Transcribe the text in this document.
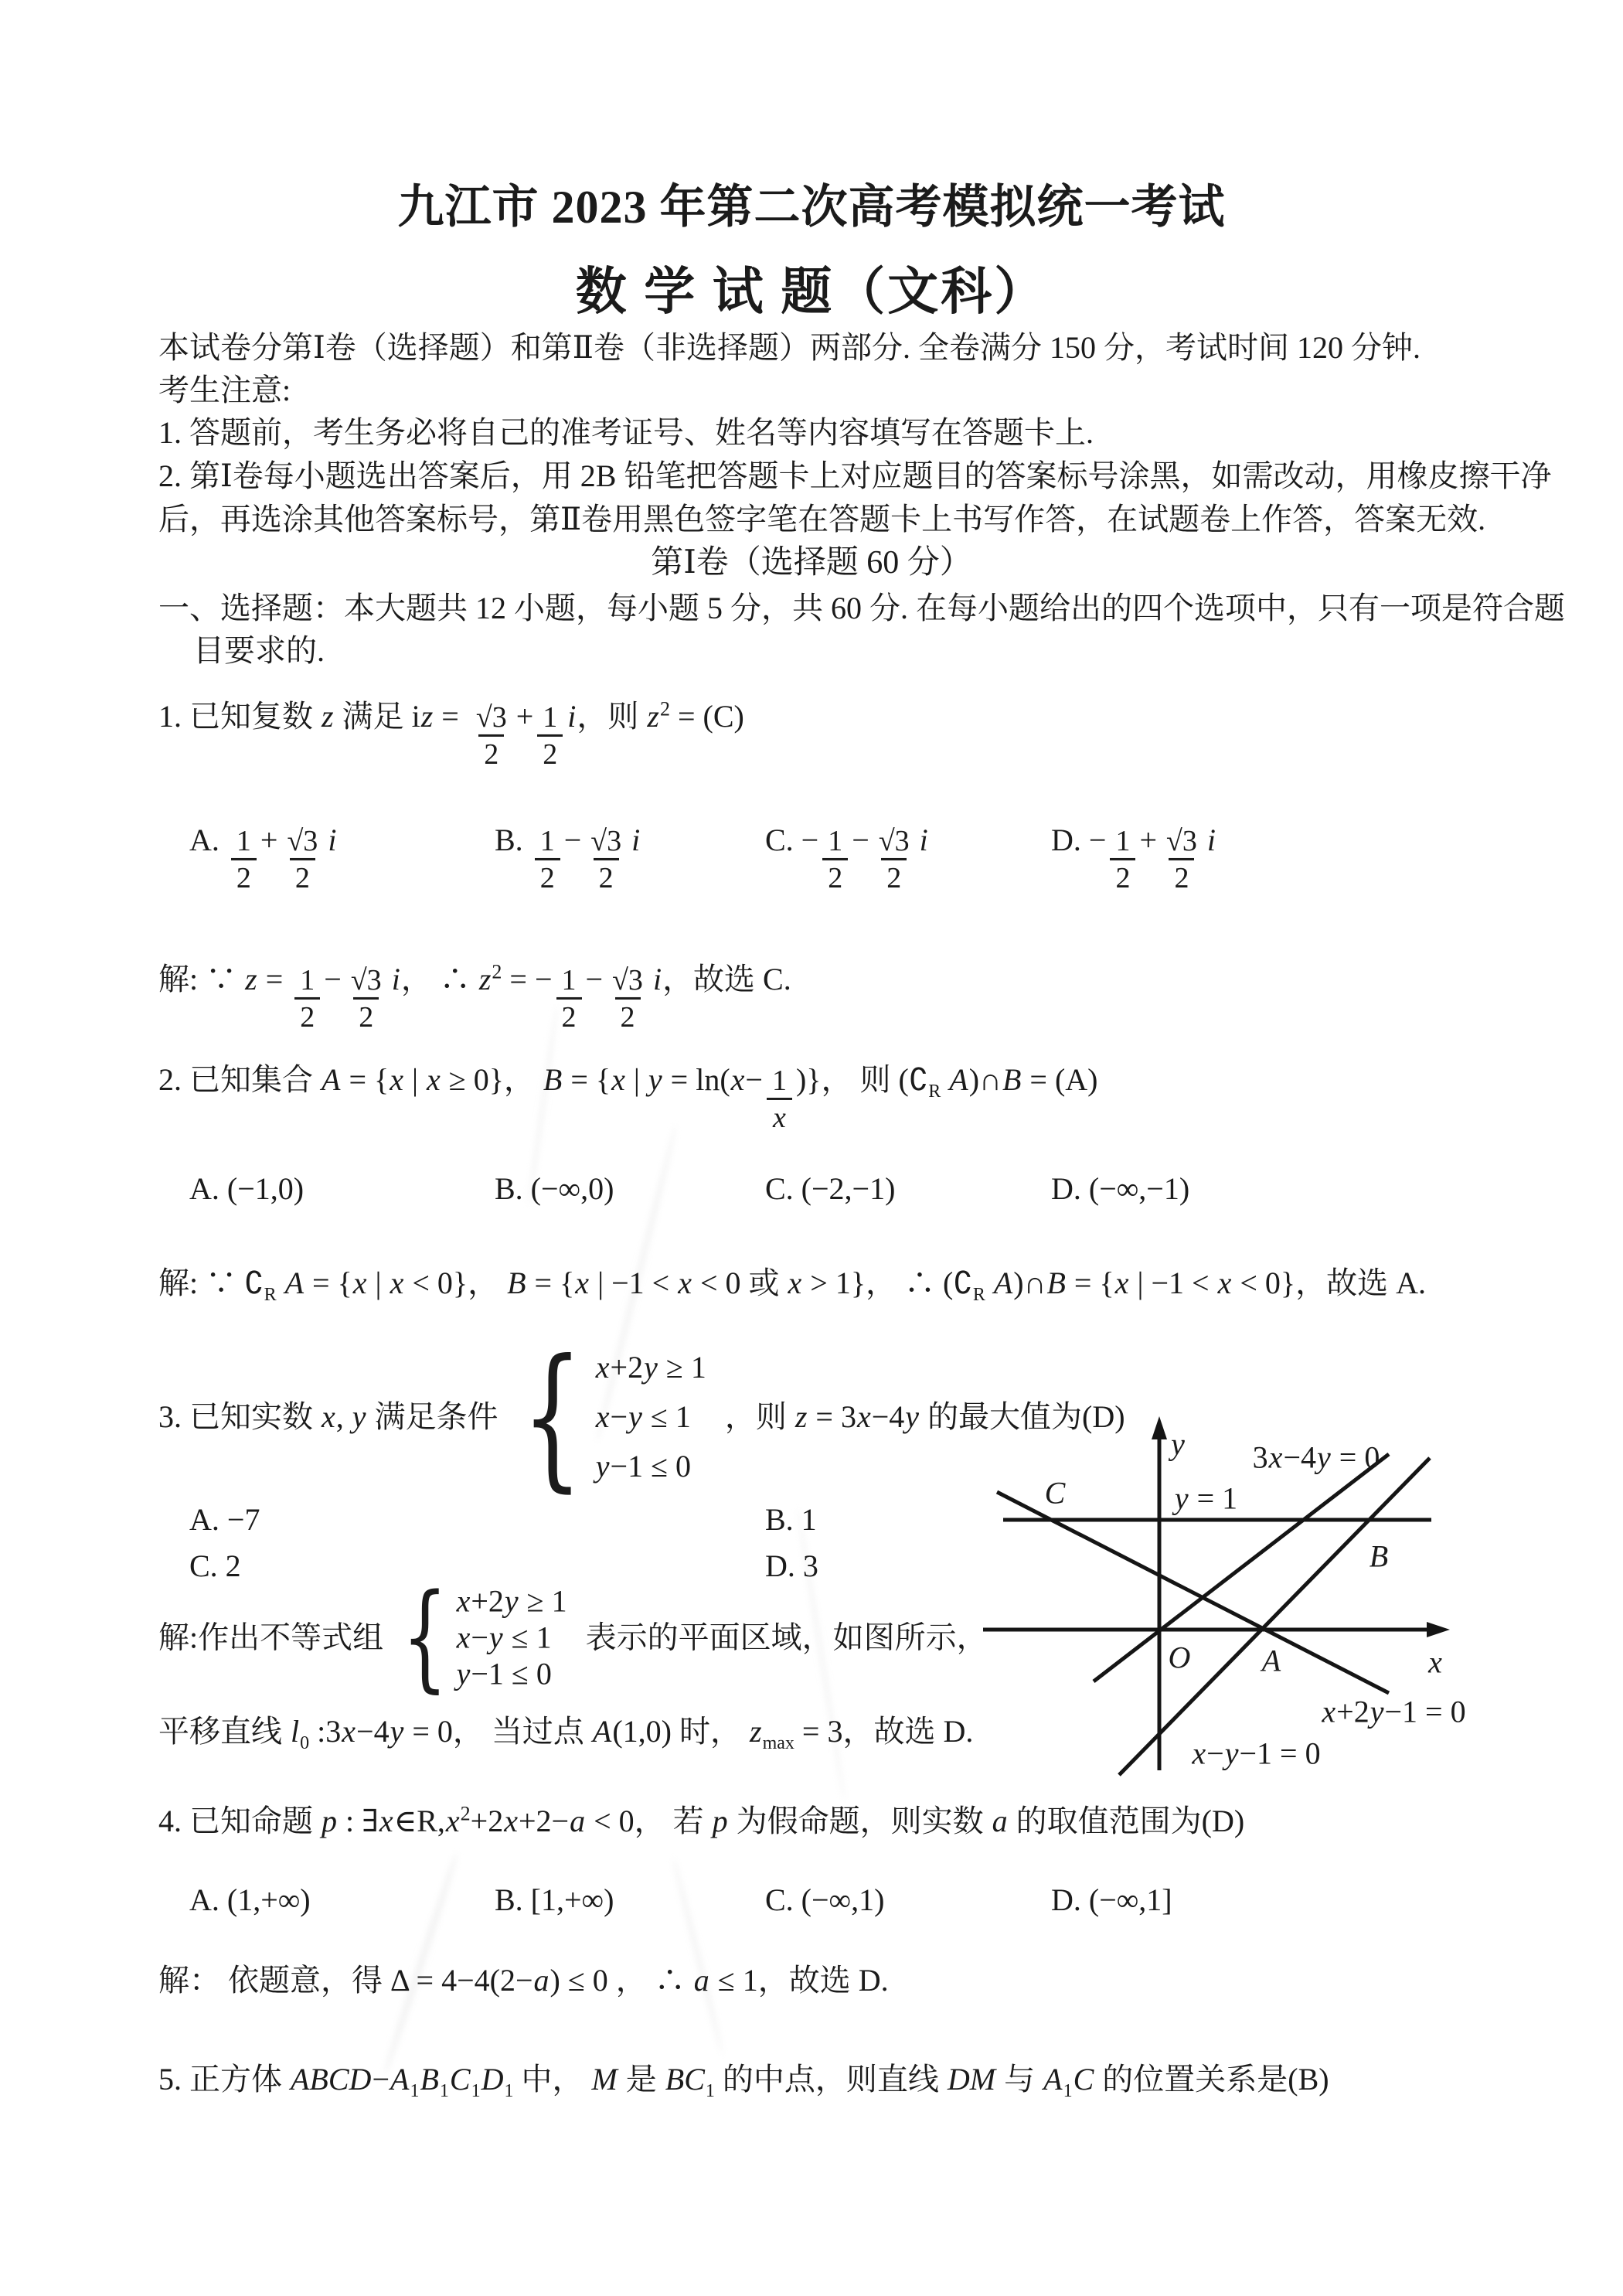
九江市 2023 年第二次高考模拟统一考试
数 学 试 题（文科）
本试卷分第Ⅰ卷（选择题）和第Ⅱ卷（非选择题）两部分. 全卷满分 150 分，考试时间 120 分钟.
考生注意:
1. 答题前，考生务必将自己的准考证号、姓名等内容填写在答题卡上.
2. 第Ⅰ卷每小题选出答案后，用 2B 铅笔把答题卡上对应题目的答案标号涂黑，如需改动，用橡皮擦干净
后，再选涂其他答案标号，第Ⅱ卷用黑色签字笔在答题卡上书写作答，在试题卷上作答，答案无效.
第Ⅰ卷（选择题 60 分）
一、选择题：本大题共 12 小题，每小题 5 分，共 60 分. 在每小题给出的四个选项中，只有一项是符合题
目要求的.
1. 已知复数 z 满足 iz = $\frac{√3}{2} + \frac{1}{2}$ i，则 $z^2 = (C)$
A. $\frac{1}{2} + \frac{√3}{2}$ i	B. $\frac{1}{2} - \frac{√3}{2}$ i	C. − $\frac{1}{2} - \frac{√3}{2}$ i	D. − $\frac{1}{2} + \frac{√3}{2}$ i
解: ∵ $z = \frac{1}{2} - \frac{√3}{2}$ i， ∴ $z^2$ = − $\frac{1}{2} - \frac{√3}{2}$ i，故选 C.
2. 已知集合 A = {x | x ≥ 0}， B = {x | $y = \ln(x- \frac{1}{x}$ )}， 则 ($∁_R$ A)∩B = (A)
A. (−1,0)	B. (−∞,0)	C. (−2,−1)	D. (−∞,−1)
解: ∵ $∁_R$ A = {x | x < 0}， B = {x | −1 < x < 0 或 x > 1}， ∴ ($∁_R$ A)∩B = {x | −1 < x < 0}，故选 A.
3. 已知实数 x, y 满足条件 { x+2y ≥ 1
x−y ≤ 1
y−1 ≤ 0
，则 z = 3x−4y 的最大值为(D)
A. −7	B. 1
C. 2	D. 3
解:作出不等式组 { x+2y ≥ 1
x−y ≤ 1
y−1 ≤ 0
表示的平面区域，如图所示，
平移直线 $l_0$ :3x−4y = 0， 当过点 A(1,0) 时， $z_{max} = 3$，故选 D.
y
x
O A
B
C
3x−4y = 0
y = 1
x+2y−1 = 0
x−y−1 = 0
4. 已知命题 p : $\exists x\in R,x^2+2x+2-a < 0$， 若 p 为假命题，则实数 a 的取值范围为(D)
A. (1,+∞)	B. [1,+∞)	C. (−∞,1)	D. (−∞,1]
解： 依题意，得 Δ = 4−4(2−a) ≤ 0 ， ∴ a ≤ 1，故选 D.
5. 正方体 $ABCD-A_1B_1C_1D_1$ 中， M 是 $BC_1$ 的中点，则直线 DM 与 $A_1C$ 的位置关系是(B)
